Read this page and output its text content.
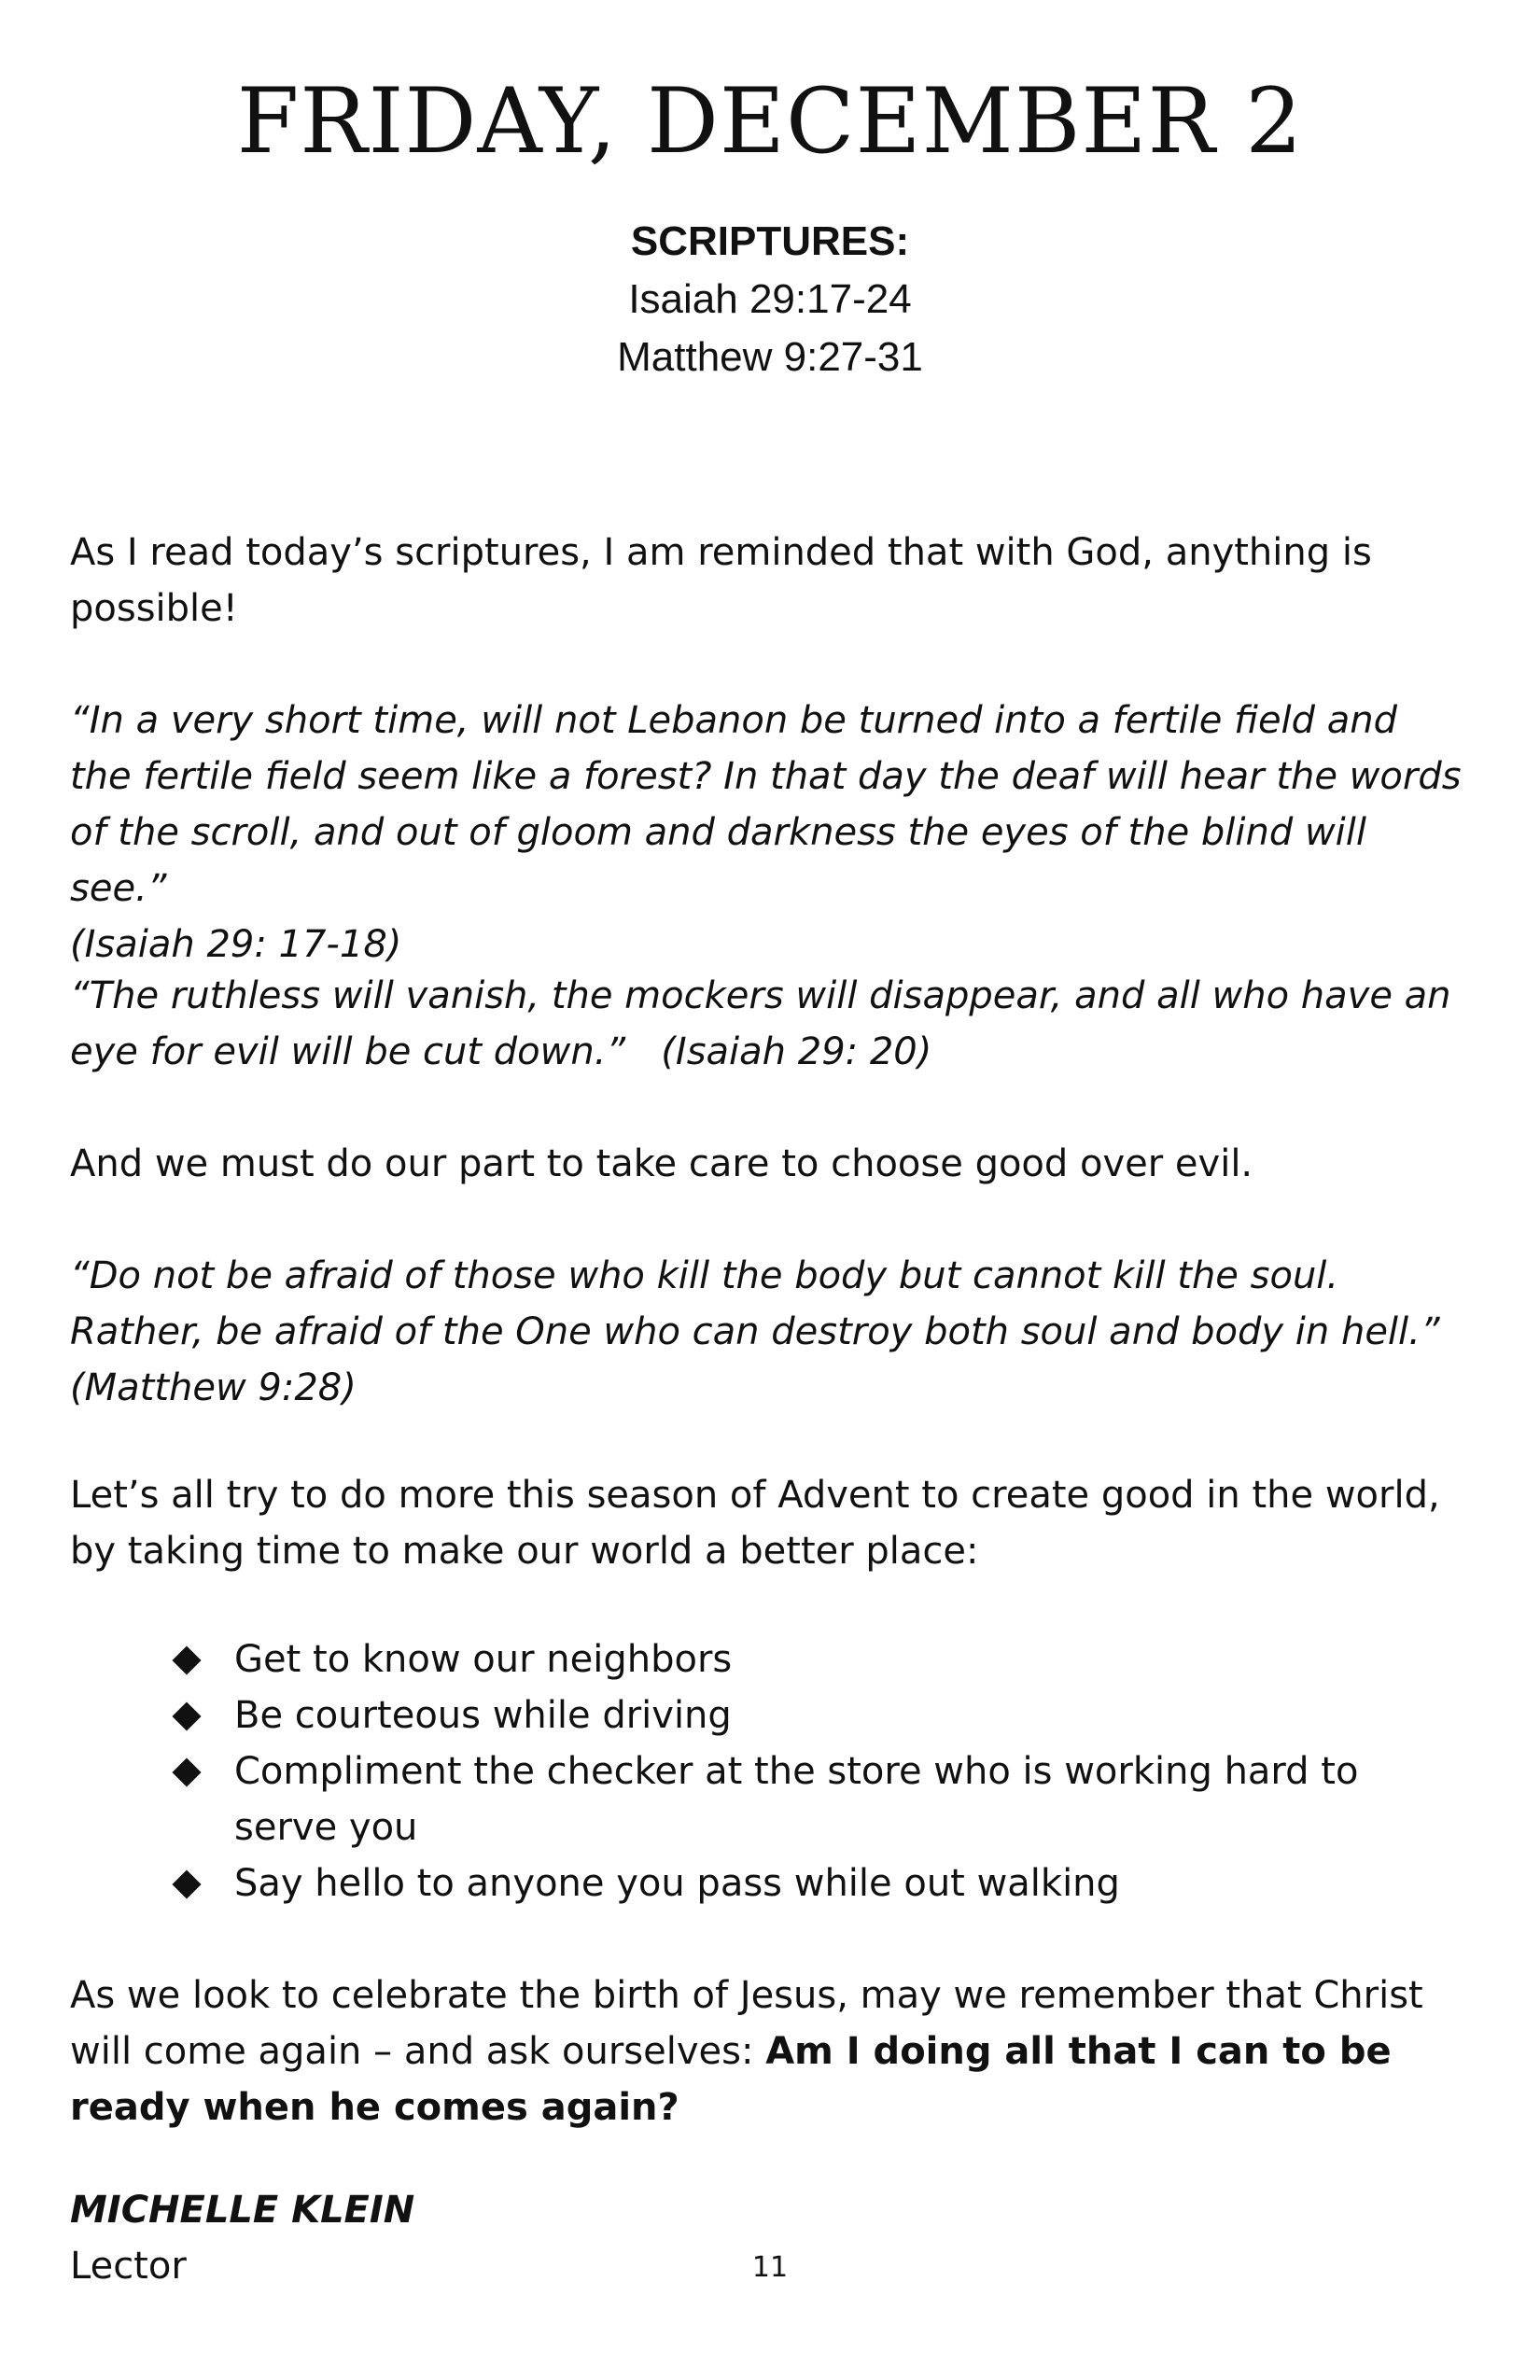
FRIDAY, DECEMBER 2
SCRIPTURES:
Isaiah 29:17-24
Matthew 9:27-31

As I read today’s scriptures, I am reminded that with God, anything is possible!

“In a very short time, will not Lebanon be turned into a fertile field and the fertile field seem like a forest? In that day the deaf will hear the words of the scroll, and out of gloom and darkness the eyes of the blind will see.”
(Isaiah 29: 17-18)

“The ruthless will vanish, the mockers will disappear, and all who have an eye for evil will be cut down.” (Isaiah 29: 20)

And we must do our part to take care to choose good over evil.

“Do not be afraid of those who kill the body but cannot kill the soul. Rather, be afraid of the One who can destroy both soul and body in hell.”
(Matthew 9:28)

Let’s all try to do more this season of Advent to create good in the world, by taking time to make our world a better place:

Get to know our neighbors
Be courteous while driving
Compliment the checker at the store who is working hard to serve you
Say hello to anyone you pass while out walking

As we look to celebrate the birth of Jesus, may we remember that Christ will come again – and ask ourselves: Am I doing all that I can to be ready when he comes again?

MICHELLE KLEIN
Lector	11
